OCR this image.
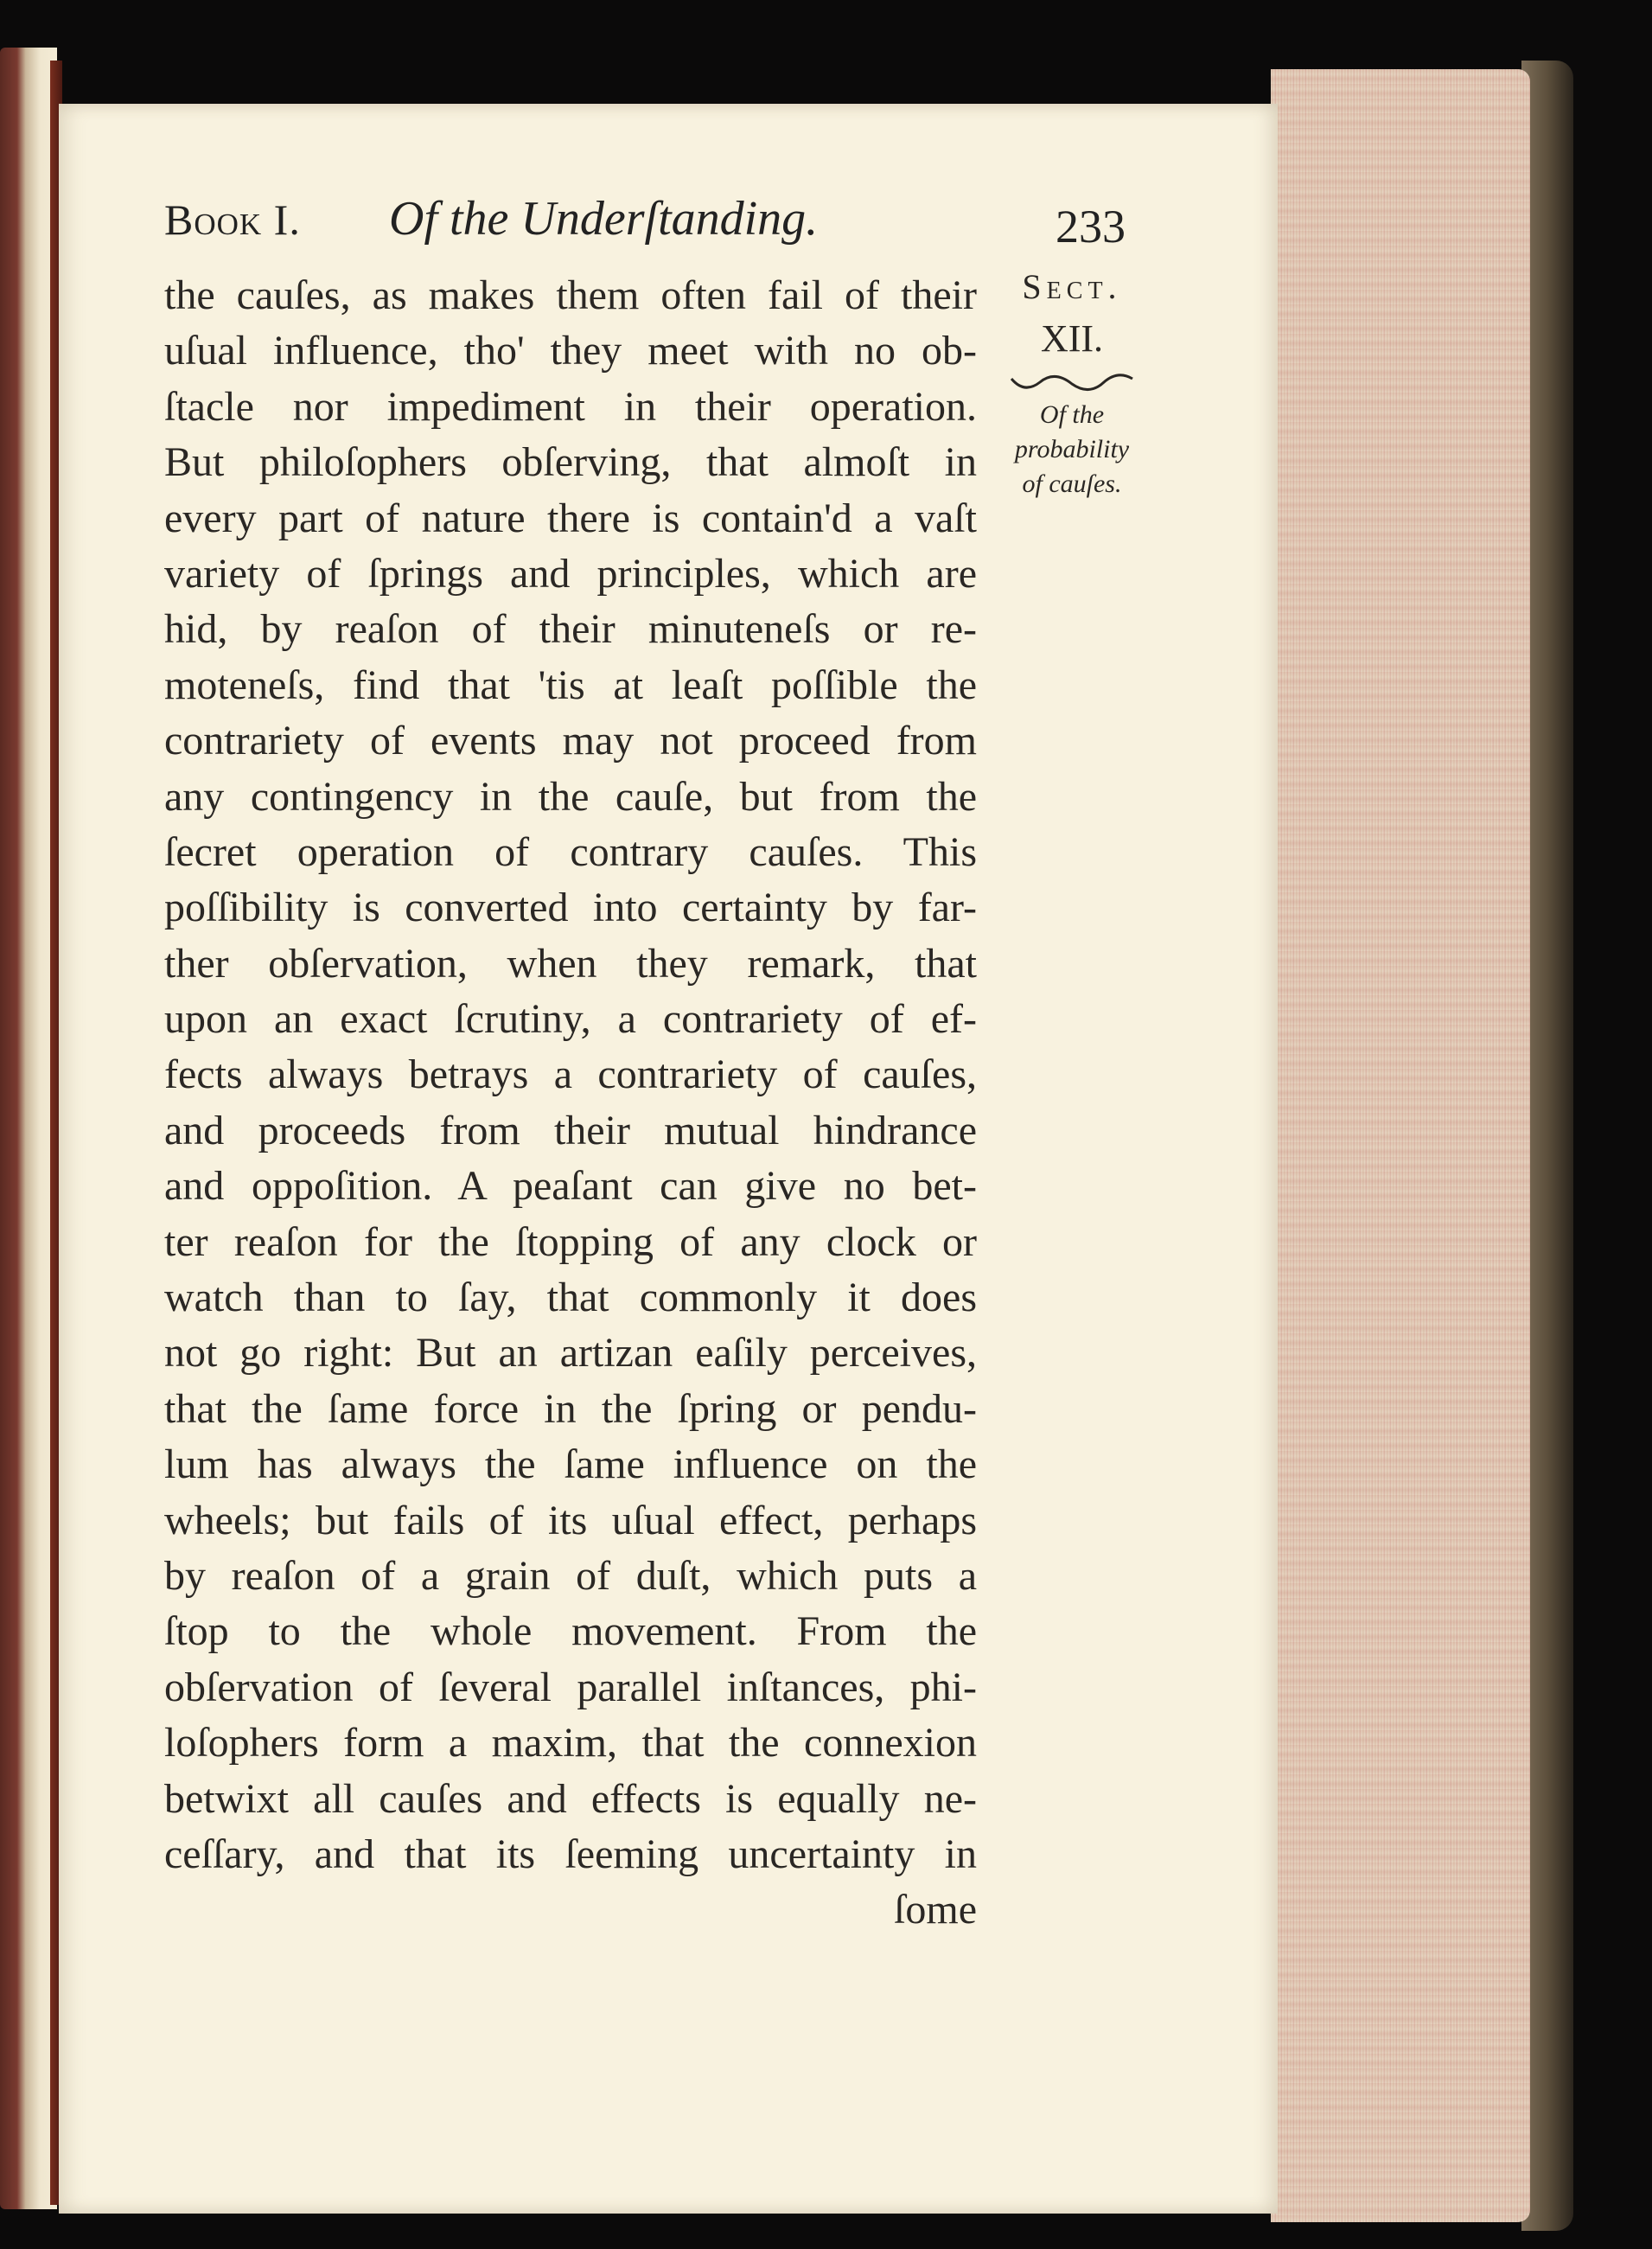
Book I. Of the Underſtanding.	233
the cauſes, as makes them often fail of their
uſual influence, tho' they meet with no ob-
ſtacle nor impediment in their operation.
But philoſophers obſerving, that almoſt in
every part of nature there is contain'd a vaſt
variety of ſprings and principles, which are
hid, by reaſon of their minuteneſs or re-
moteneſs, find that 'tis at leaſt poſſible the
contrariety of events may not proceed from
any contingency in the cauſe, but from the
ſecret operation of contrary cauſes. This
poſſibility is converted into certainty by far-
ther obſervation, when they remark, that
upon an exact ſcrutiny, a contrariety of ef-
fects always betrays a contrariety of cauſes,
and proceeds from their mutual hindrance
and oppoſition. A peaſant can give no bet-
ter reaſon for the ſtopping of any clock or
watch than to ſay, that commonly it does
not go right: But an artizan eaſily perceives,
that the ſame force in the ſpring or pendu-
lum has always the ſame influence on the
wheels; but fails of its uſual effect, perhaps
by reaſon of a grain of duſt, which puts a
ſtop to the whole movement. From the
obſervation of ſeveral parallel inſtances, phi-
loſophers form a maxim, that the connexion
betwixt all cauſes and effects is equally ne-
ceſſary, and that its ſeeming uncertainty in
ſome
Sect.
XII.
Of the
probability
of cauſes.
